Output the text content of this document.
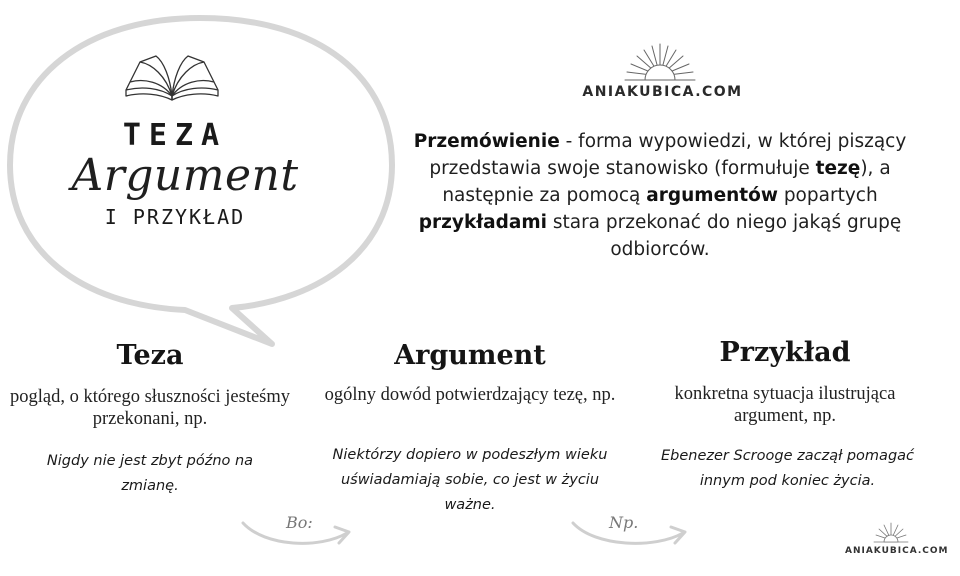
ANIAKUBICA.COM
TEZA
Argument
I PRZYKŁAD
Przemówienie - forma wypowiedzi, w której piszący przedstawia swoje stanowisko (formułuje tezę), a następnie za pomocą argumentów popartych przykładami stara przekonać do niego jakąś grupę odbiorców.
Teza
pogląd, o którego słuszności jesteśmy przekonani, np.
Nigdy nie jest zbyt późno na zmianę.
Argument
ogólny dowód potwierdzający tezę, np.
Niektórzy dopiero w podeszłym wieku uświadamiają sobie, co jest w życiu ważne.
Przykład
konkretna sytuacja ilustrująca argument, np.
Ebenezer Scrooge zaczął pomagać innym pod koniec życia.
Bo:	Np.
ANIAKUBICA.COM
